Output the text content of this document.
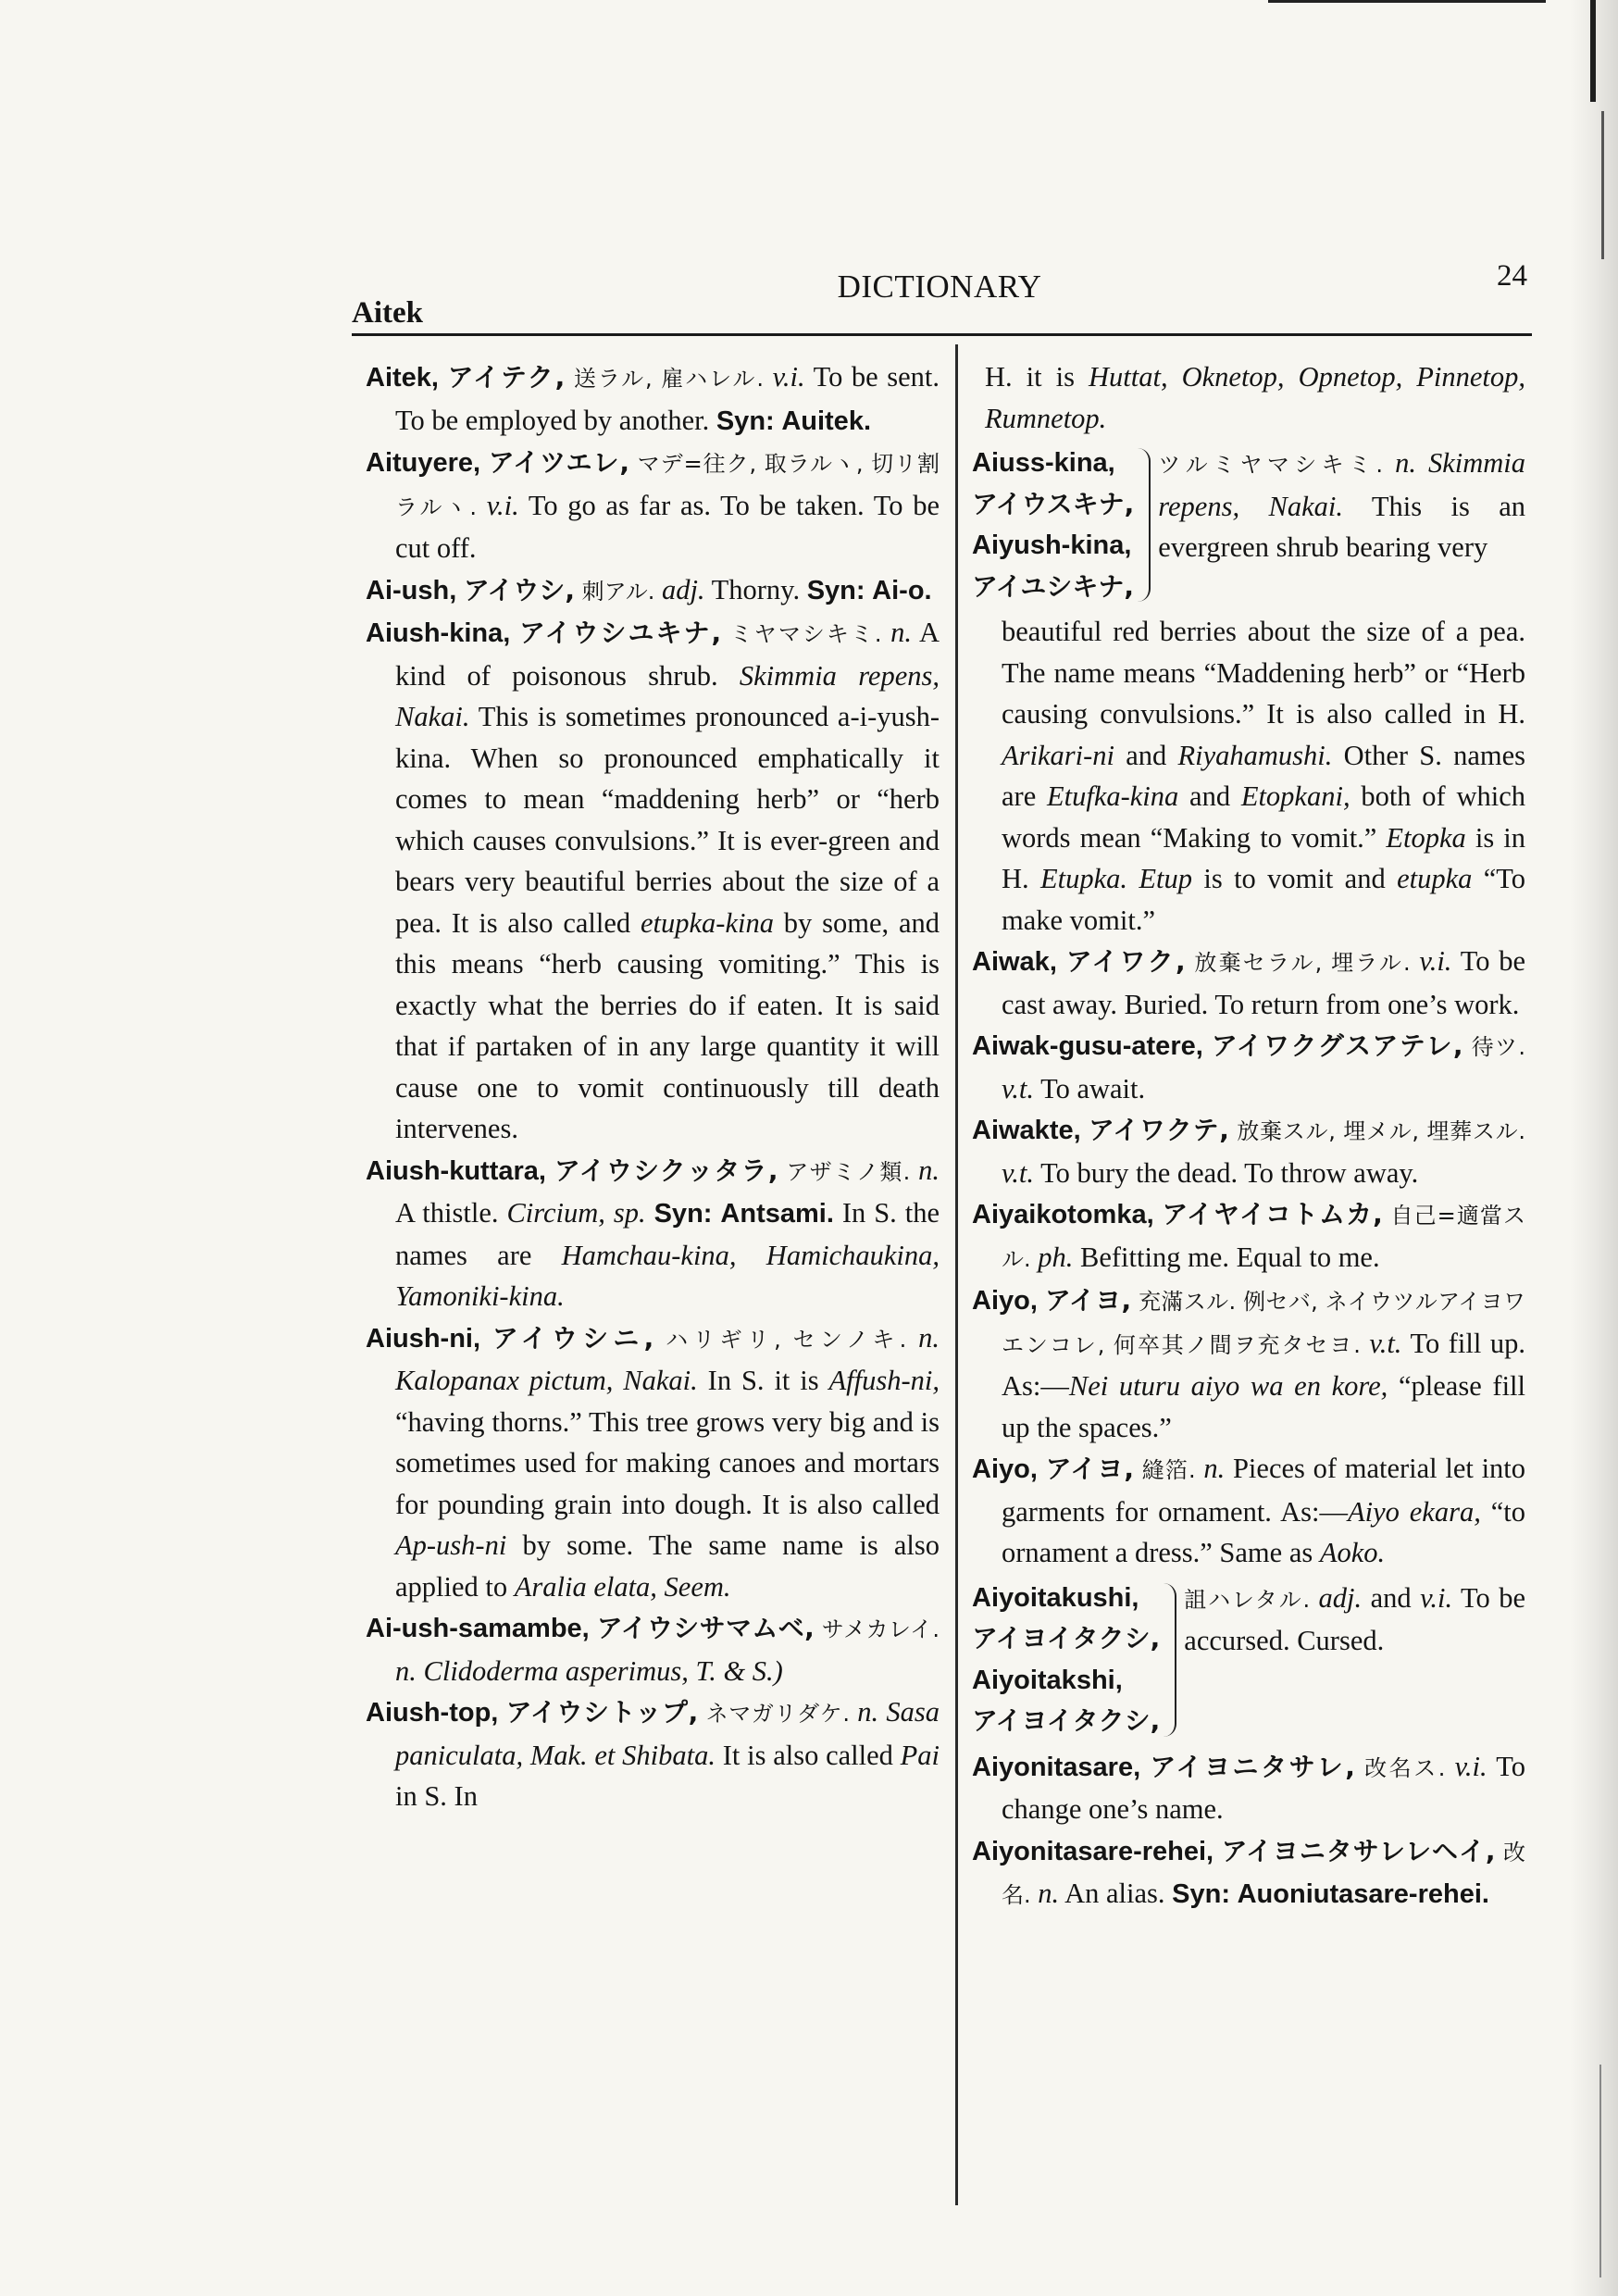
Aitek
DICTIONARY	24
Aitek, アイテク, 送ラル, 雇ハレル. v.i. To be sent. To be employed by another. Syn: Auitek.
Aituyere, アイツエレ, マデ=往ク, 取ラルヽ, 切リ割ラルヽ. v.i. To go as far as. To be taken. To be cut off.
Ai-ush, アイウシ, 刺アル. adj. Thorny. Syn: Ai-o.
Aiush-kina, アイウシユキナ, ミヤマシキミ. n. A kind of poisonous shrub. Skimmia repens, Nakai. This is sometimes pronounced a-i-yush-kina. When so pronounced emphatically it comes to mean “maddening herb” or “herb which causes convulsions.” It is ever-green and bears very beautiful berries about the size of a pea. It is also called etupka-kina by some, and this means “herb causing vomiting.” This is exactly what the berries do if eaten. It is said that if partaken of in any large quantity it will cause one to vomit continuously till death intervenes.
Aiush-kuttara, アイウシクッタラ, アザミノ類. n. A thistle. Circium, sp. Syn: Antsami. In S. the names are Hamchau-kina, Hamichaukina, Yamoniki-kina.
Aiush-ni, アイウシニ, ハリギリ, センノキ. n. Kalopanax pictum, Nakai. In S. it is Affush-ni, “having thorns.” This tree grows very big and is sometimes used for making canoes and mortars for pounding grain into dough. It is also called Ap-ush-ni by some. The same name is also applied to Aralia elata, Seem.
Ai-ush-samambe, アイウシサマムベ, サメカレイ. n. Clidoderma asperimus, T. & S.)
Aiush-top, アイウシトップ, ネマガリダケ. n. Sasa paniculata, Mak. et Shibata. It is also called Pai in S. In
H. it is Huttat, Oknetop, Opnetop, Pinnetop, Rumnetop.
Aiuss-kina,
アイウスキナ,
Aiyush-kina,
アイユシキナ,
ツルミヤマシキミ. n. Skimmia repens, Nakai. This is an evergreen shrub bearing very
beautiful red berries about the size of a pea. The name means “Maddening herb” or “Herb causing convulsions.” It is also called in H. Arikari-ni and Riyahamushi. Other S. names are Etufka-kina and Etopkani, both of which words mean “Making to vomit.” Etopka is in H. Etupka. Etup is to vomit and etupka “To make vomit.”
Aiwak, アイワク, 放棄セラル, 埋ラル. v.i. To be cast away. Buried. To return from one’s work.
Aiwak-gusu-atere, アイワクグスアテレ, 待ツ. v.t. To await.
Aiwakte, アイワクテ, 放棄スル, 埋メル, 埋葬スル. v.t. To bury the dead. To throw away.
Aiyaikotomka, アイヤイコトムカ, 自己=適當スル. ph. Befitting me. Equal to me.
Aiyo, アイヨ, 充滿スル. 例セバ, ネイウツルアイヨワエンコレ, 何卒其ノ間ヲ充タセヨ. v.t. To fill up. As:—Nei uturu aiyo wa en kore, “please fill up the spaces.”
Aiyo, アイヨ, 縫箔. n. Pieces of material let into garments for ornament. As:—Aiyo ekara, “to ornament a dress.” Same as Aoko.
Aiyoitakushi,
アイヨイタクシ,
Aiyoitakshi,
アイヨイタクシ,
詛ハレタル. adj. and v.i. To be accursed. Cursed.
Aiyonitasare, アイヨニタサレ, 改名ス. v.i. To change one’s name.
Aiyonitasare-rehei, アイヨニタサレレヘイ, 改名. n. An alias. Syn: Auoniutasare-rehei.
